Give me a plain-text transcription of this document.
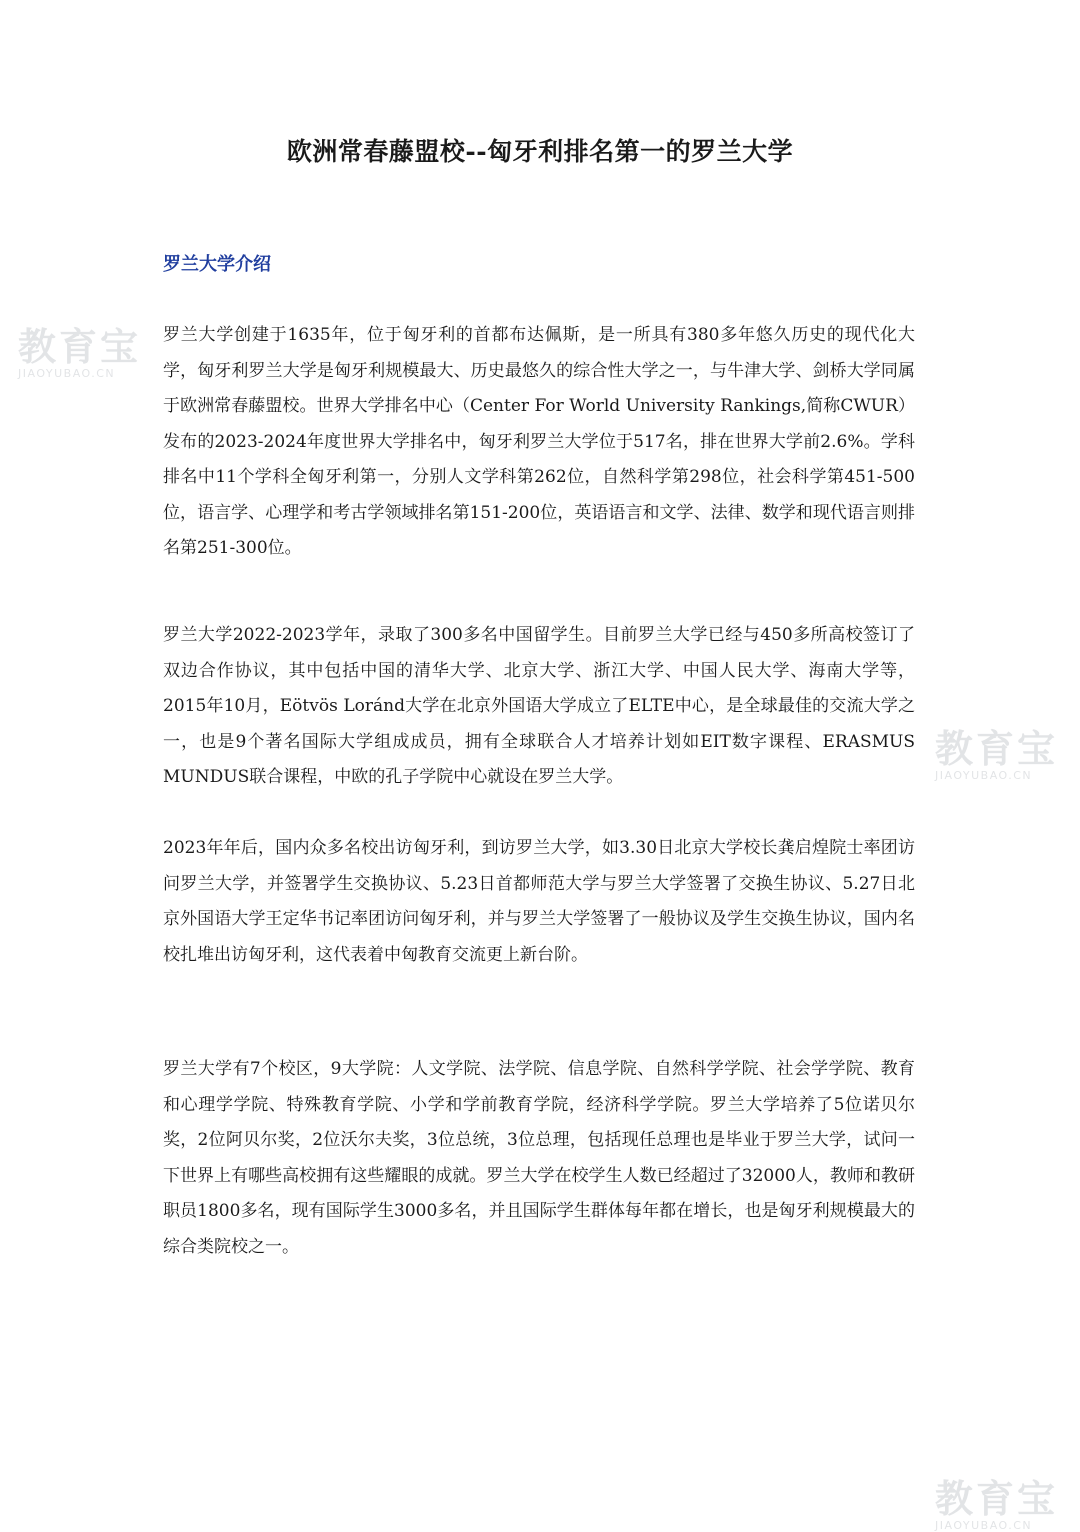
欧洲常春藤盟校--匈牙利排名第一的罗兰大学
罗兰大学介绍

罗兰大学创建于1635年，位于匈牙利的首都布达佩斯，是一所具有380多年悠久历史的现代化大学，匈牙利罗兰大学是匈牙利规模最大、历史最悠久的综合性大学之一，与牛津大学、剑桥大学同属于欧洲常春藤盟校。世界大学排名中心（Center For World University Rankings,简称CWUR）发布的2023-2024年度世界大学排名中，匈牙利罗兰大学位于517名，排在世界大学前2.6%。学科排名中11个学科全匈牙利第一，分别人文学科第262位，自然科学第298位，社会科学第451-500位，语言学、心理学和考古学领域排名第151-200位，英语语言和文学、法律、数学和现代语言则排名第251-300位。

罗兰大学2022-2023学年，录取了300多名中国留学生。目前罗兰大学已经与450多所高校签订了双边合作协议，其中包括中国的清华大学、北京大学、浙江大学、中国人民大学、海南大学等，2015年10月，Eötvös Loránd大学在北京外国语大学成立了ELTE中心，是全球最佳的交流大学之一，也是9个著名国际大学组成成员，拥有全球联合人才培养计划如EIT数字课程、ERASMUS MUNDUS联合课程，中欧的孔子学院中心就设在罗兰大学。

2023年年后，国内众多名校出访匈牙利，到访罗兰大学，如3.30日北京大学校长龚启煌院士率团访问罗兰大学，并签署学生交换协议、5.23日首都师范大学与罗兰大学签署了交换生协议、5.27日北京外国语大学王定华书记率团访问匈牙利，并与罗兰大学签署了一般协议及学生交换生协议，国内名校扎堆出访匈牙利，这代表着中匈教育交流更上新台阶。

罗兰大学有7个校区，9大学院：人文学院、法学院、信息学院、自然科学学院、社会学学院、教育和心理学学院、特殊教育学院、小学和学前教育学院，经济科学学院。罗兰大学培养了5位诺贝尔奖，2位阿贝尔奖，2位沃尔夫奖，3位总统，3位总理，包括现任总理也是毕业于罗兰大学，试问一下世界上有哪些高校拥有这些耀眼的成就。罗兰大学在校学生人数已经超过了32000人，教师和教研职员1800多名，现有国际学生3000多名，并且国际学生群体每年都在增长，也是匈牙利规模最大的综合类院校之一。

教育宝
JIAOYUBAO.CN
教育宝
JIAOYUBAO.CN
教育宝
JIAOYUBAO.CN
